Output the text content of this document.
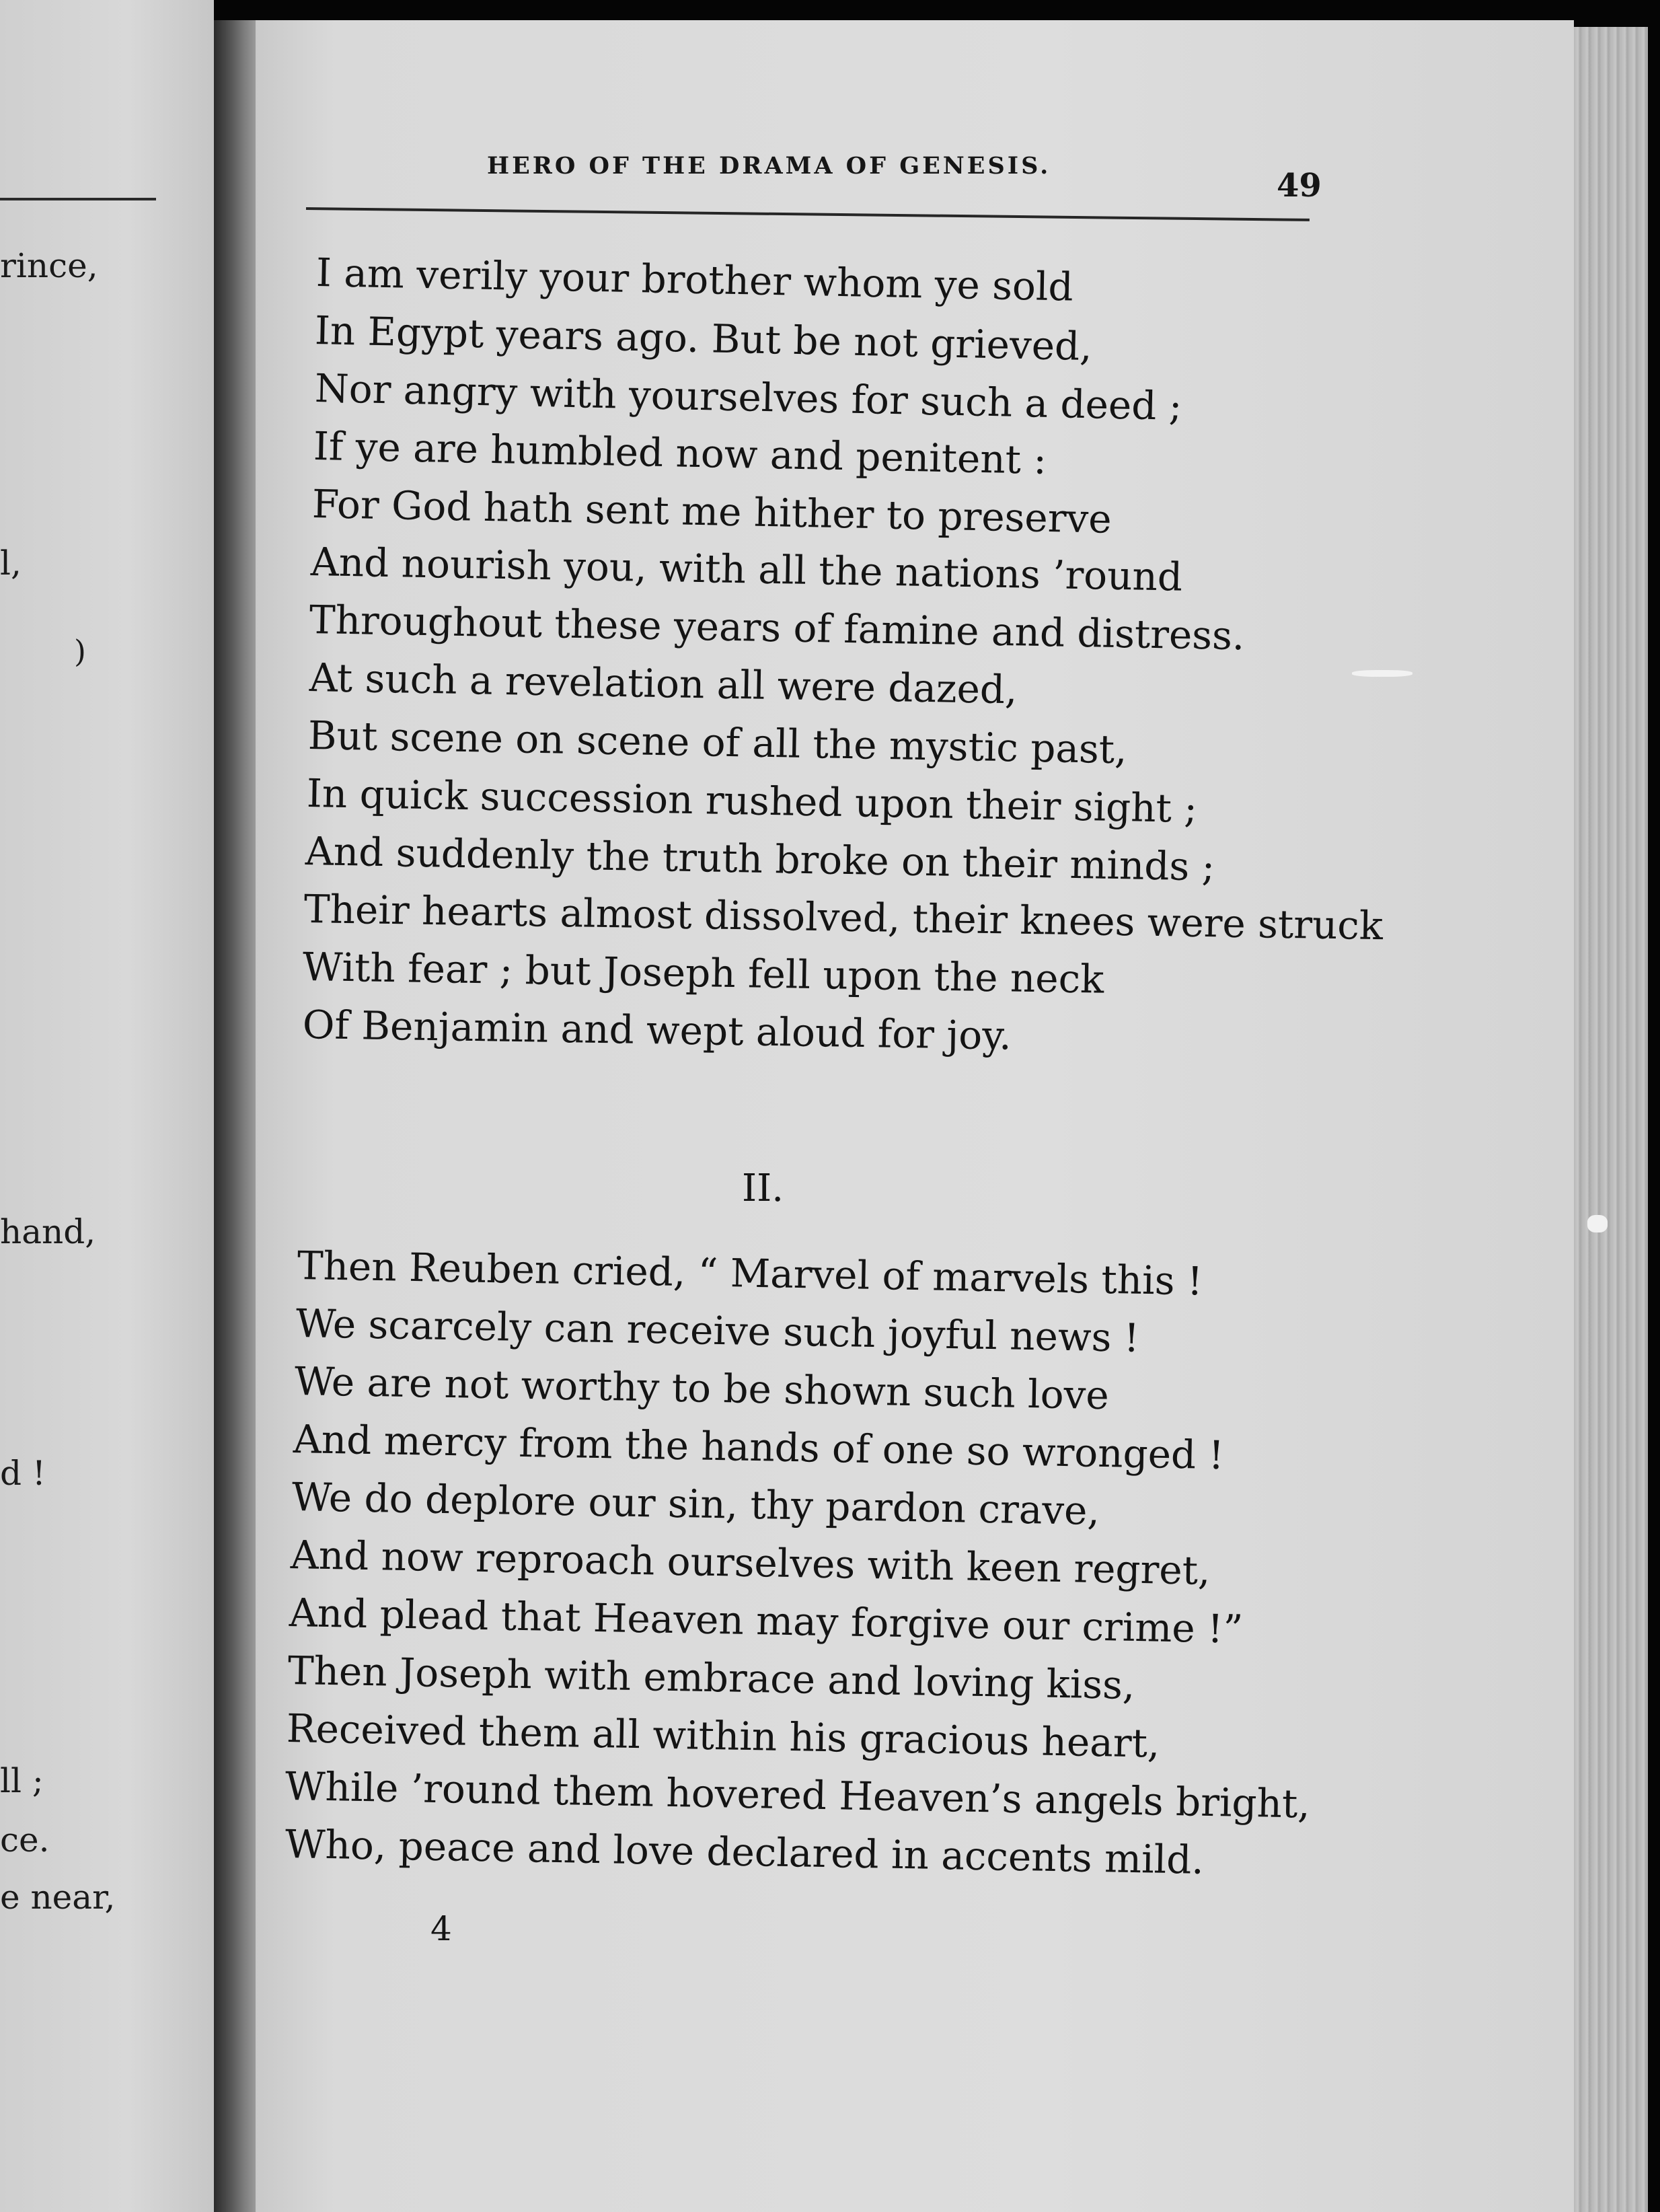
rince,
l,
)
hand,
d !
ll ;
ce.
e near,
HERO OF THE DRAMA OF GENESIS.
49
I am verily your brother whom ye sold
In Egypt years ago. But be not grieved,
Nor angry with yourselves for such a deed ;
If ye are humbled now and penitent :
For God hath sent me hither to preserve
And nourish you, with all the nations ’round
Throughout these years of famine and distress.
At such a revelation all were dazed,
But scene on scene of all the mystic past,
In quick succession rushed upon their sight ;
And suddenly the truth broke on their minds ;
Their hearts almost dissolved, their knees were struck
With fear ; but Joseph fell upon the neck
Of Benjamin and wept aloud for joy.
II.
Then Reuben cried, “ Marvel of marvels this !
We scarcely can receive such joyful news !
We are not worthy to be shown such love
And mercy from the hands of one so wronged !
We do deplore our sin, thy pardon crave,
And now reproach ourselves with keen regret,
And plead that Heaven may forgive our crime !”
Then Joseph with embrace and loving kiss,
Received them all within his gracious heart,
While ’round them hovered Heaven’s angels bright,
Who, peace and love declared in accents mild.
4
